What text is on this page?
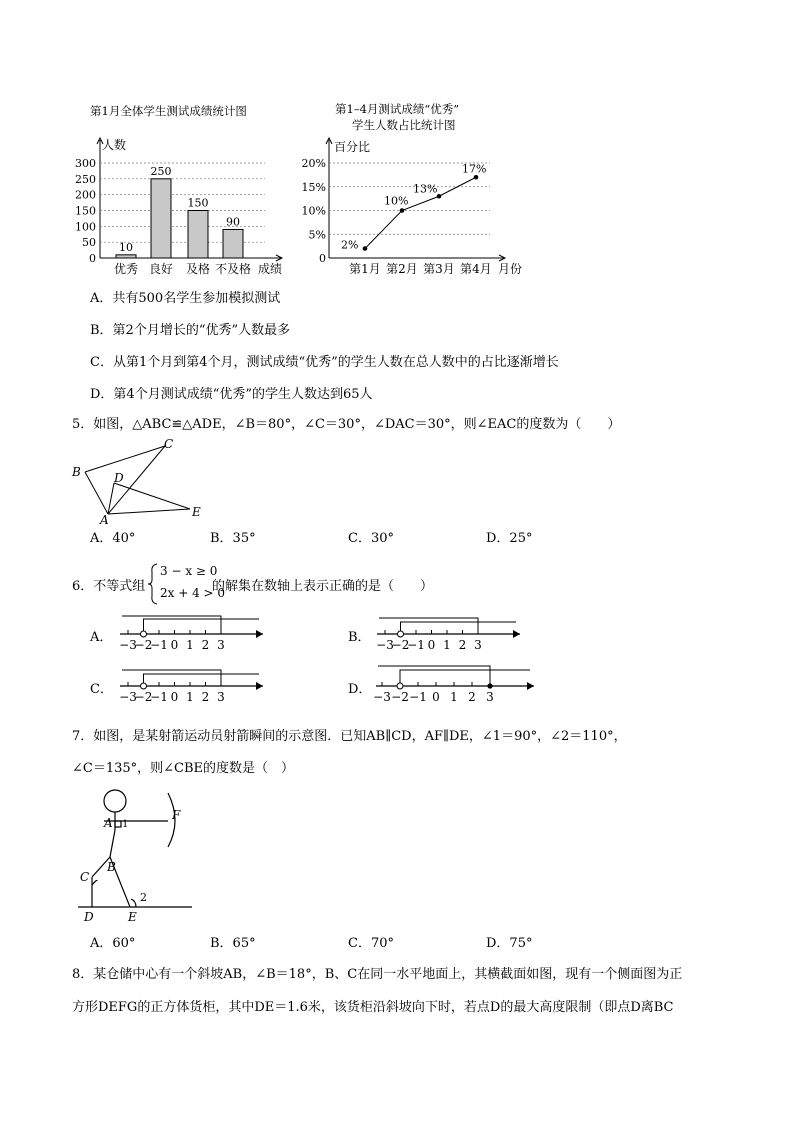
第1月全体学生测试成绩统计图
人数
300
250
200
150
100
50
0
10
优秀
250
良好
150
及格
90
不及格 成绩
第1–4月测试成绩“优秀”
学生人数占比统计图
百分比
20%
15%
10%
5%
0
2%
第1月
10%
第2月
13%
第3月
17%
第4月 月份
A．共有500名学生参加模拟测试
B．第2个月增长的“优秀”人数最多
C．从第1个月到第4个月，测试成绩“优秀”的学生人数在总人数中的占比逐渐增长
D．第4个月测试成绩“优秀”的学生人数达到65人
5．如图，△ABC≌△ADE，∠B＝80°，∠C＝30°，∠DAC＝30°，则∠EAC的度数为（　　）
C
B	D
A
E
A．40°	B．35°	C．30°	D．25°
6．不等式组
3 − x ≥ 0
2x + 4 > 0
的解集在数轴上表示正确的是（　　）
A． −3
−2
−1 0 1 2 3	B． −3
−2
−1 0 1 2 3
C． −3
−2
−1 0 1 2 3	D． −3 −2 −1 0 1 2 3
7．如图，是某射箭运动员射箭瞬间的示意图．已知AB∥CD，AF∥DE，∠1＝90°，∠2＝110°，
∠C＝135°，则∠CBE的度数是（　）
A 1
F
B
C
D	E
2
A．60°	B．65°	C．70°	D．75°
8．某仓储中心有一个斜坡AB，∠B＝18°，B、C在同一水平地面上，其横截面如图，现有一个侧面图为正
方形DEFG的正方体货柜，其中DE＝1.6米，该货柜沿斜坡向下时，若点D的最大高度限制（即点D离BC
